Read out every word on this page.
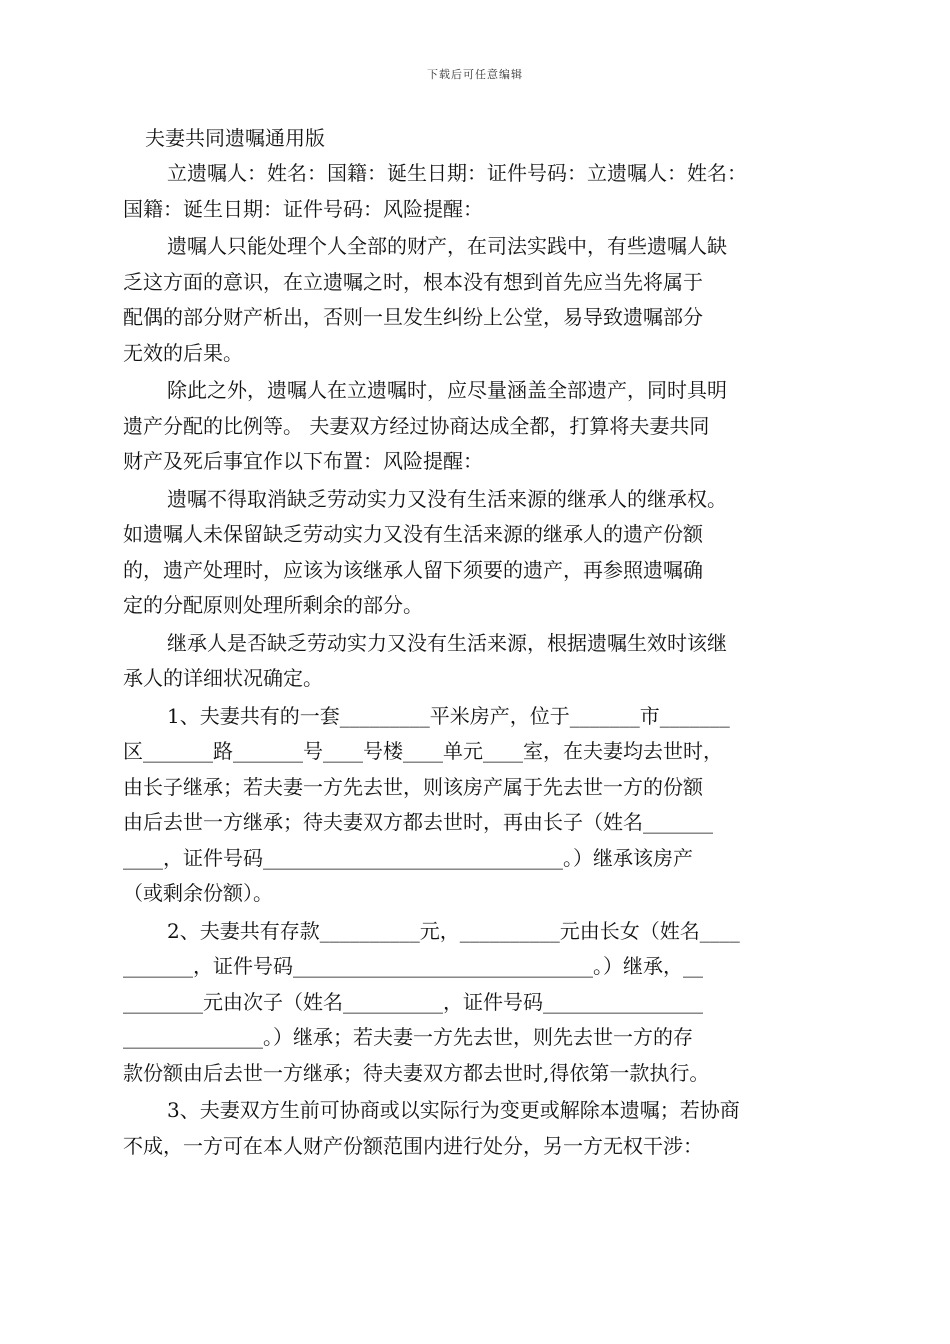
下载后可任意编辑
夫妻共同遗嘱通用版
立遗嘱人：姓名：国籍：诞生日期：证件号码：立遗嘱人：姓名：
国籍：诞生日期：证件号码：风险提醒：
遗嘱人只能处理个人全部的财产，在司法实践中，有些遗嘱人缺
乏这方面的意识，在立遗嘱之时，根本没有想到首先应当先将属于
配偶的部分财产析出，否则一旦发生纠纷上公堂，易导致遗嘱部分
无效的后果。
除此之外，遗嘱人在立遗嘱时，应尽量涵盖全部遗产，同时具明
遗产分配的比例等。 夫妻双方经过协商达成全都，打算将夫妻共同
财产及死后事宜作以下布置：风险提醒：
遗嘱不得取消缺乏劳动实力又没有生活来源的继承人的继承权。
如遗嘱人未保留缺乏劳动实力又没有生活来源的继承人的遗产份额
的，遗产处理时，应该为该继承人留下须要的遗产，再参照遗嘱确
定的分配原则处理所剩余的部分。
继承人是否缺乏劳动实力又没有生活来源，根据遗嘱生效时该继
承人的详细状况确定。
1、夫妻共有的一套_________平米房产，位于_______市_______
区_______路_______号____号楼____单元____室，在夫妻均去世时，
由长子继承；若夫妻一方先去世，则该房产属于先去世一方的份额
由后去世一方继承；待夫妻双方都去世时，再由长子（姓名_______
____，证件号码______________________________。）继承该房产
（或剩余份额）。
2、夫妻共有存款__________元，__________元由长女（姓名____
_______，证件号码______________________________。）继承，__
________元由次子（姓名__________，证件号码________________
______________。）继承；若夫妻一方先去世，则先去世一方的存
款份额由后去世一方继承；待夫妻双方都去世时,得依第一款执行。
3、夫妻双方生前可协商或以实际行为变更或解除本遗嘱；若协商
不成，一方可在本人财产份额范围内进行处分，另一方无权干涉：
